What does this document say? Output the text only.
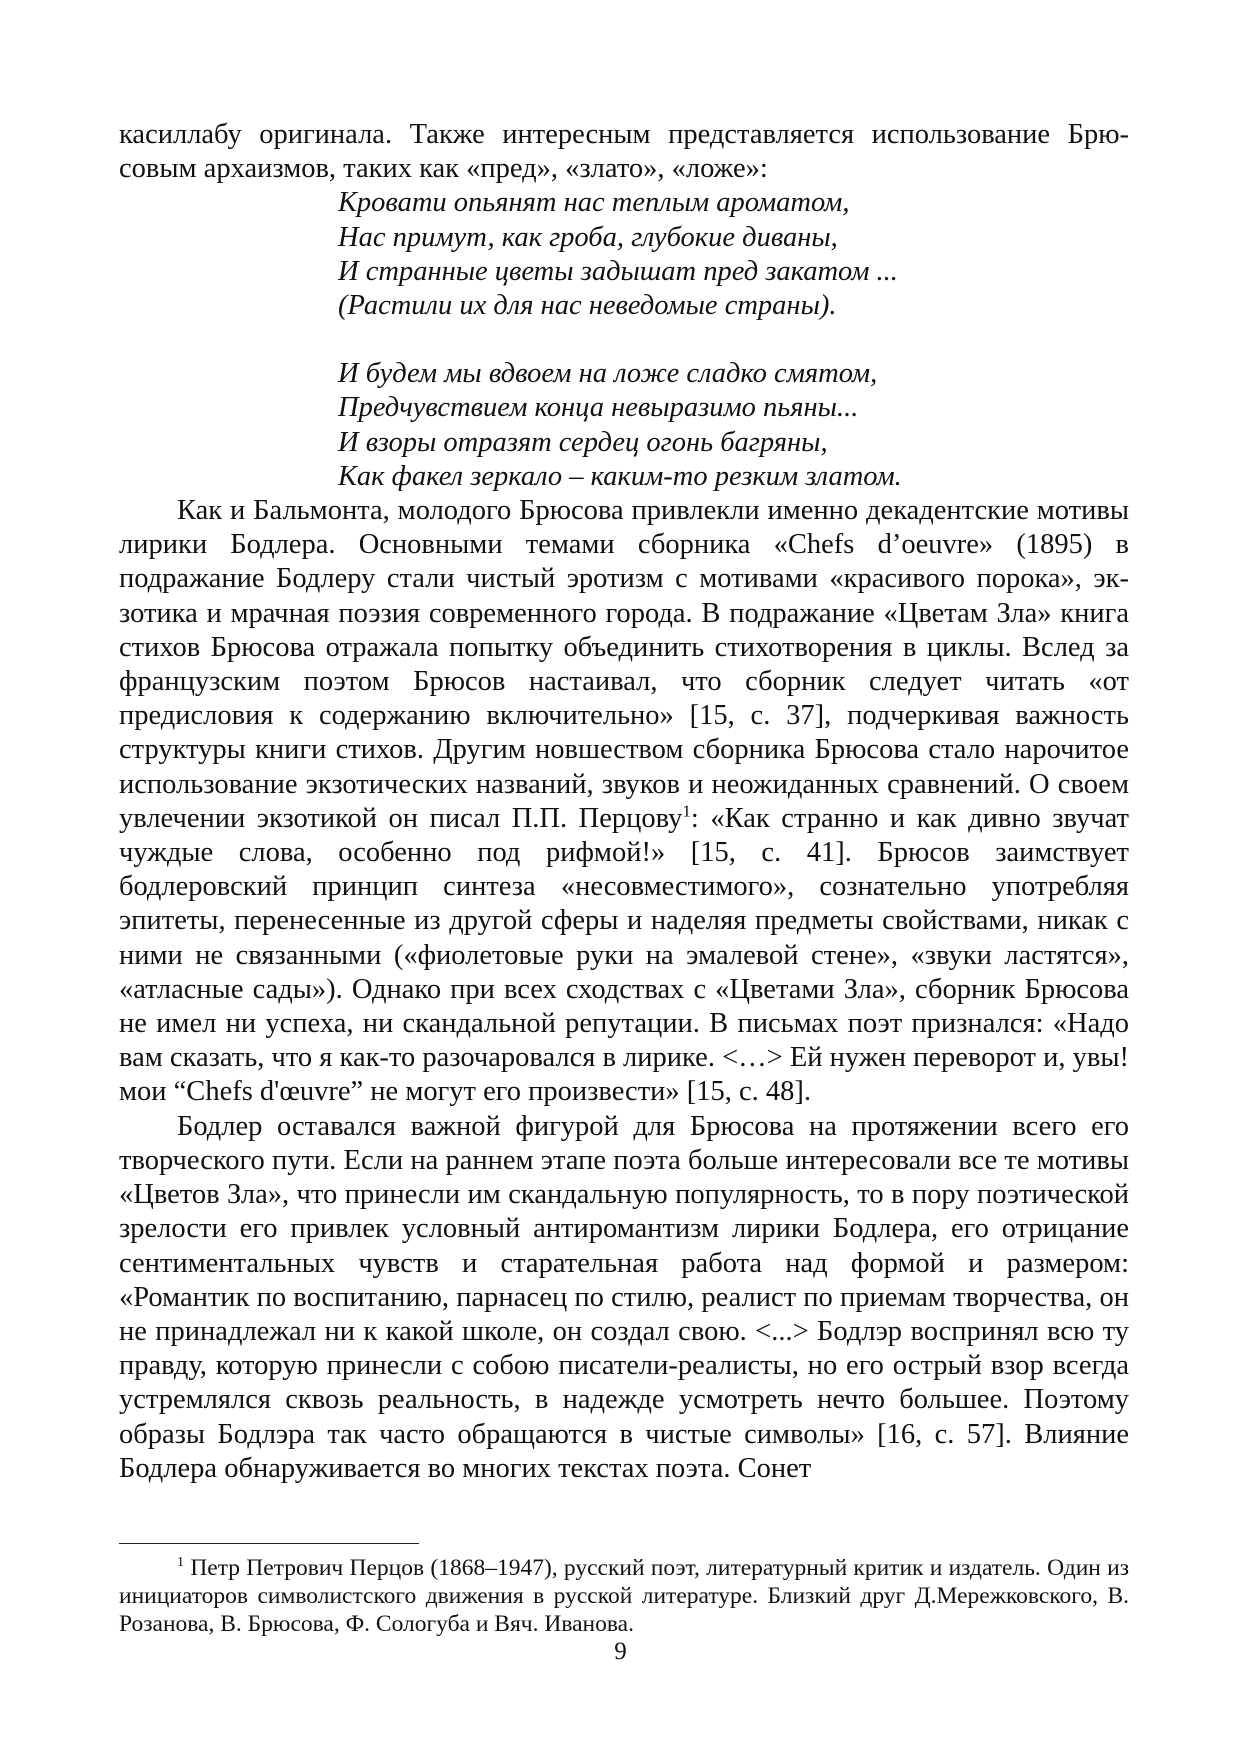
касиллабу оригинала. Также интересным представляется использование Брю-
совым архаизмов, таких как «пред», «злато», «ложе»:

Кровати опьянят нас теплым ароматом,
Нас примут, как гроба, глубокие диваны,
И странные цветы задышат пред закатом ...
(Растили их для нас неведомые страны).
И будем мы вдвоем на ложе сладко смятом,
Предчувствием конца невыразимо пьяны...
И взоры отразят сердец огонь багряны,
Как факел зеркало – каким-то резким златом.

Как и Бальмонта, молодого Брюсова привлекли именно декадентские мотивы лирики Бодлера. Основными темами сборника «Chefs d’oeuvre» (1895) в подражание Бодлеру стали чистый эротизм с мотивами «красивого порока», экзотика и мрачная поэзия современного города. В подражание «Цветам Зла» книга стихов Брюсова отражала попытку объединить стихотворения в циклы. Вслед за французским поэтом Брюсов настаивал, что сборник следует читать «от предисловия к содержанию включительно» [15, с. 37], подчеркивая важность структуры книги стихов. Другим новшеством сборника Брюсова стало нарочитое использование экзотических названий, звуков и неожиданных сравнений. О своем увлечении экзотикой он писал П.П. Перцову$^1$: «Как странно и как дивно звучат чуждые слова, особенно под рифмой!» [15, с. 41]. Брюсов заимствует бодлеровский принцип синтеза «несовместимого», сознательно употребляя эпитеты, перенесенные из другой сферы и наделяя предметы свойствами, никак с ними не связанными («фиолетовые руки на эмалевой стене», «звуки ластятся», «атласные сады»). Однако при всех сходствах с «Цветами Зла», сборник Брюсова не имел ни успеха, ни скандальной репутации. В письмах поэт признался: «Надо вам сказать, что я как-то разочаровался в лирике. <…> Ей нужен переворот и, увы! мои “Chefs d'œuvre” не могут его произвести» [15, с. 48].

Бодлер оставался важной фигурой для Брюсова на протяжении всего его творческого пути. Если на раннем этапе поэта больше интересовали все те мотивы «Цветов Зла», что принесли им скандальную популярность, то в пору поэтической зрелости его привлек условный антиромантизм лирики Бодлера, его отрицание сентиментальных чувств и старательная работа над формой и размером: «Романтик по воспитанию, парнасец по стилю, реалист по приемам творчества, он не принадлежал ни к какой школе, он создал свою. <...> Бодлэр воспринял всю ту правду, которую принесли с собою писатели-реалисты, но его острый взор всегда устремлялся сквозь реальность, в надежде усмотреть нечто большее. Поэтому образы Бодлэра так часто обращаются в чистые символы» [16, с. 57]. Влияние Бодлера обнаруживается во многих текстах поэта. Сонет

$^1$ Петр Петрович Перцов (1868–1947), русский поэт, литературный критик и издатель. Один из инициаторов символистского движения в русской литературе. Близкий друг Д.Мережковского, В. Розанова, В. Брюсова, Ф. Сологуба и Вяч. Иванова.

9
